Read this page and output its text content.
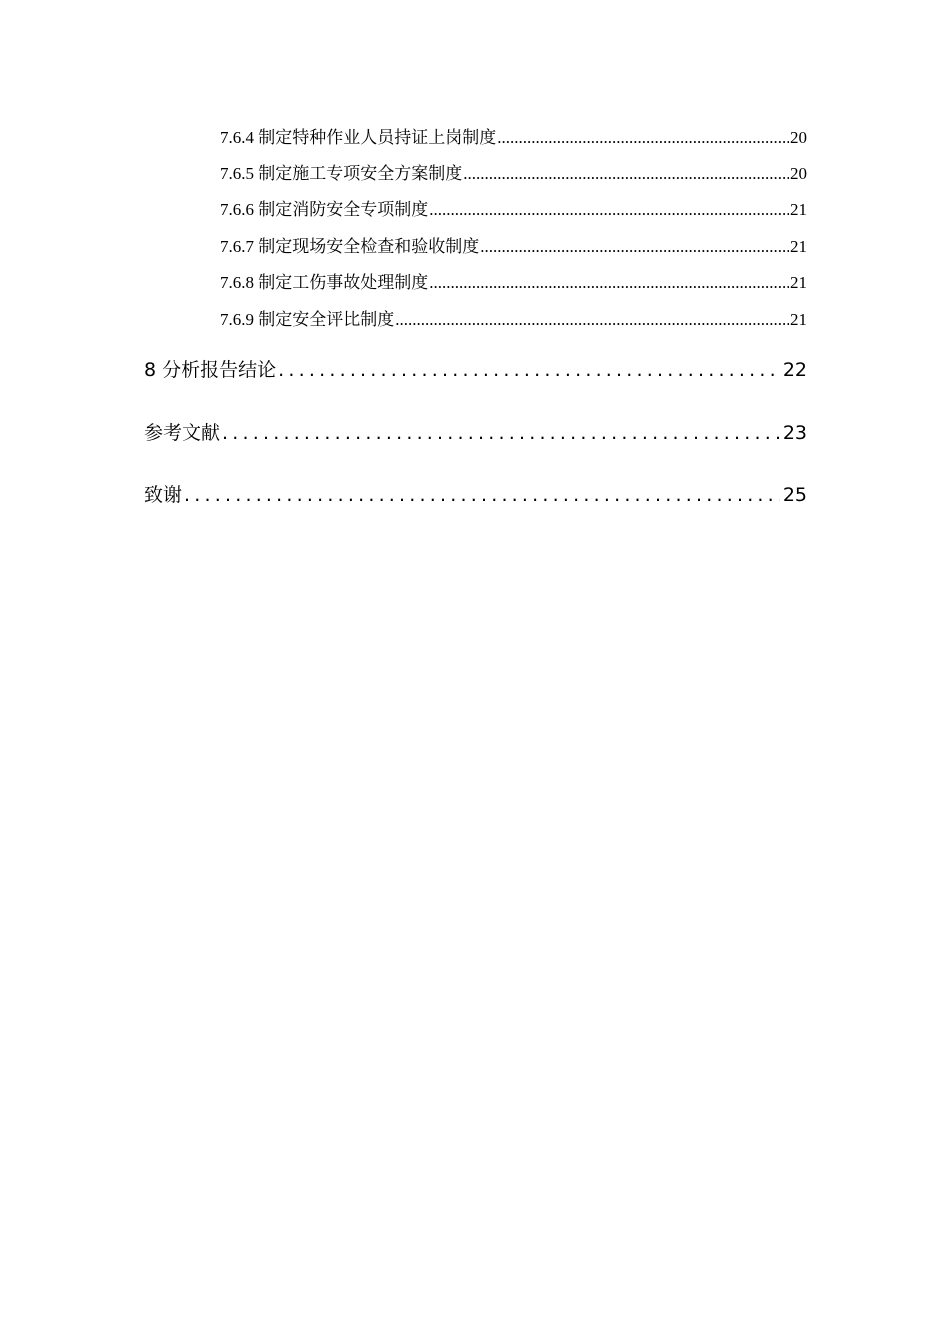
7.6.4 制定特种作业人员持证上岗制度 .....	20
7.6.5 制定施工专项安全方案制度 .....	20
7.6.6 制定消防安全专项制度 .....	21
7.6.7 制定现场安全检查和验收制度 .....	21
7.6.8 制定工伤事故处理制度 .....	21
7.6.9 制定安全评比制度 .....	21
8 分析报告结论 .....	22
参考文献 .....	23
致谢 .....	25
